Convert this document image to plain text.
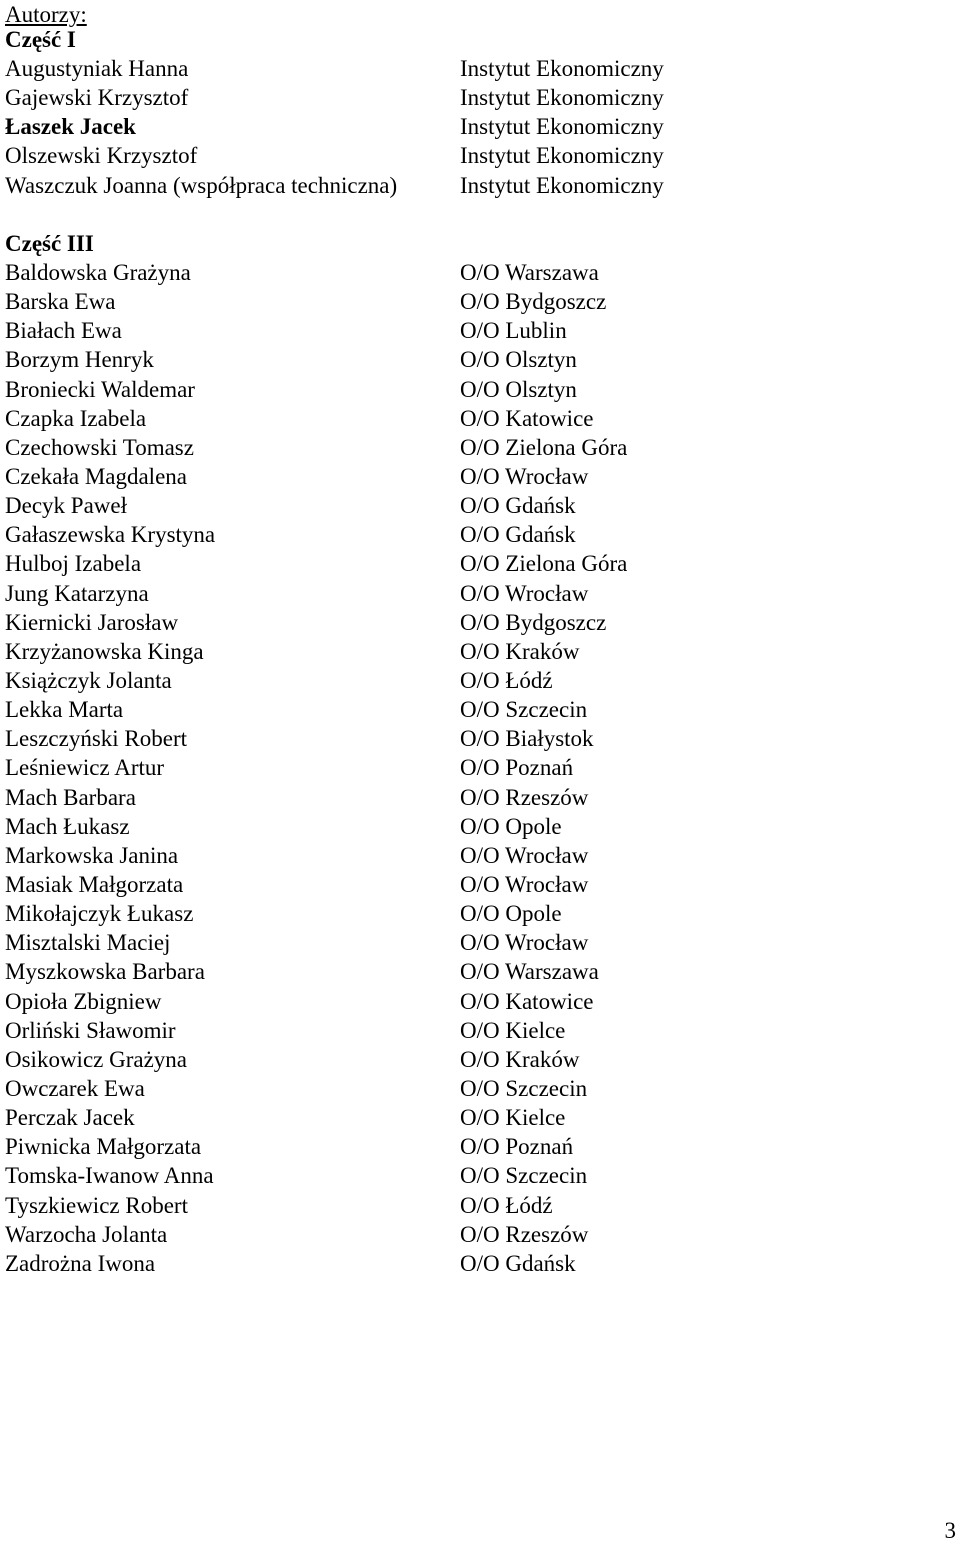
Autorzy:
Część I
Augustyniak Hanna	Instytut Ekonomiczny
Gajewski Krzysztof	Instytut Ekonomiczny
Łaszek Jacek	Instytut Ekonomiczny
Olszewski Krzysztof	Instytut Ekonomiczny
Waszczuk Joanna (współpraca techniczna)	Instytut Ekonomiczny
Część III
Baldowska Grażyna	O/O Warszawa
Barska Ewa	O/O Bydgoszcz
Białach Ewa	O/O Lublin
Borzym Henryk	O/O Olsztyn
Broniecki Waldemar	O/O Olsztyn
Czapka Izabela	O/O Katowice
Czechowski Tomasz	O/O Zielona Góra
Czekała Magdalena	O/O Wrocław
Decyk Paweł	O/O Gdańsk
Gałaszewska Krystyna	O/O Gdańsk
Hulboj Izabela	O/O Zielona Góra
Jung Katarzyna	O/O Wrocław
Kiernicki Jarosław	O/O Bydgoszcz
Krzyżanowska Kinga	O/O Kraków
Książczyk Jolanta	O/O Łódź
Lekka Marta	O/O Szczecin
Leszczyński Robert	O/O Białystok
Leśniewicz Artur	O/O Poznań
Mach Barbara	O/O Rzeszów
Mach Łukasz	O/O Opole
Markowska Janina	O/O Wrocław
Masiak Małgorzata	O/O Wrocław
Mikołajczyk Łukasz	O/O Opole
Misztalski Maciej	O/O Wrocław
Myszkowska Barbara	O/O Warszawa
Opioła Zbigniew	O/O Katowice
Orliński Sławomir	O/O Kielce
Osikowicz Grażyna	O/O Kraków
Owczarek Ewa	O/O Szczecin
Perczak Jacek	O/O Kielce
Piwnicka Małgorzata	O/O Poznań
Tomska-Iwanow Anna	O/O Szczecin
Tyszkiewicz Robert	O/O Łódź
Warzocha Jolanta	O/O Rzeszów
Zadrożna Iwona	O/O Gdańsk
3
